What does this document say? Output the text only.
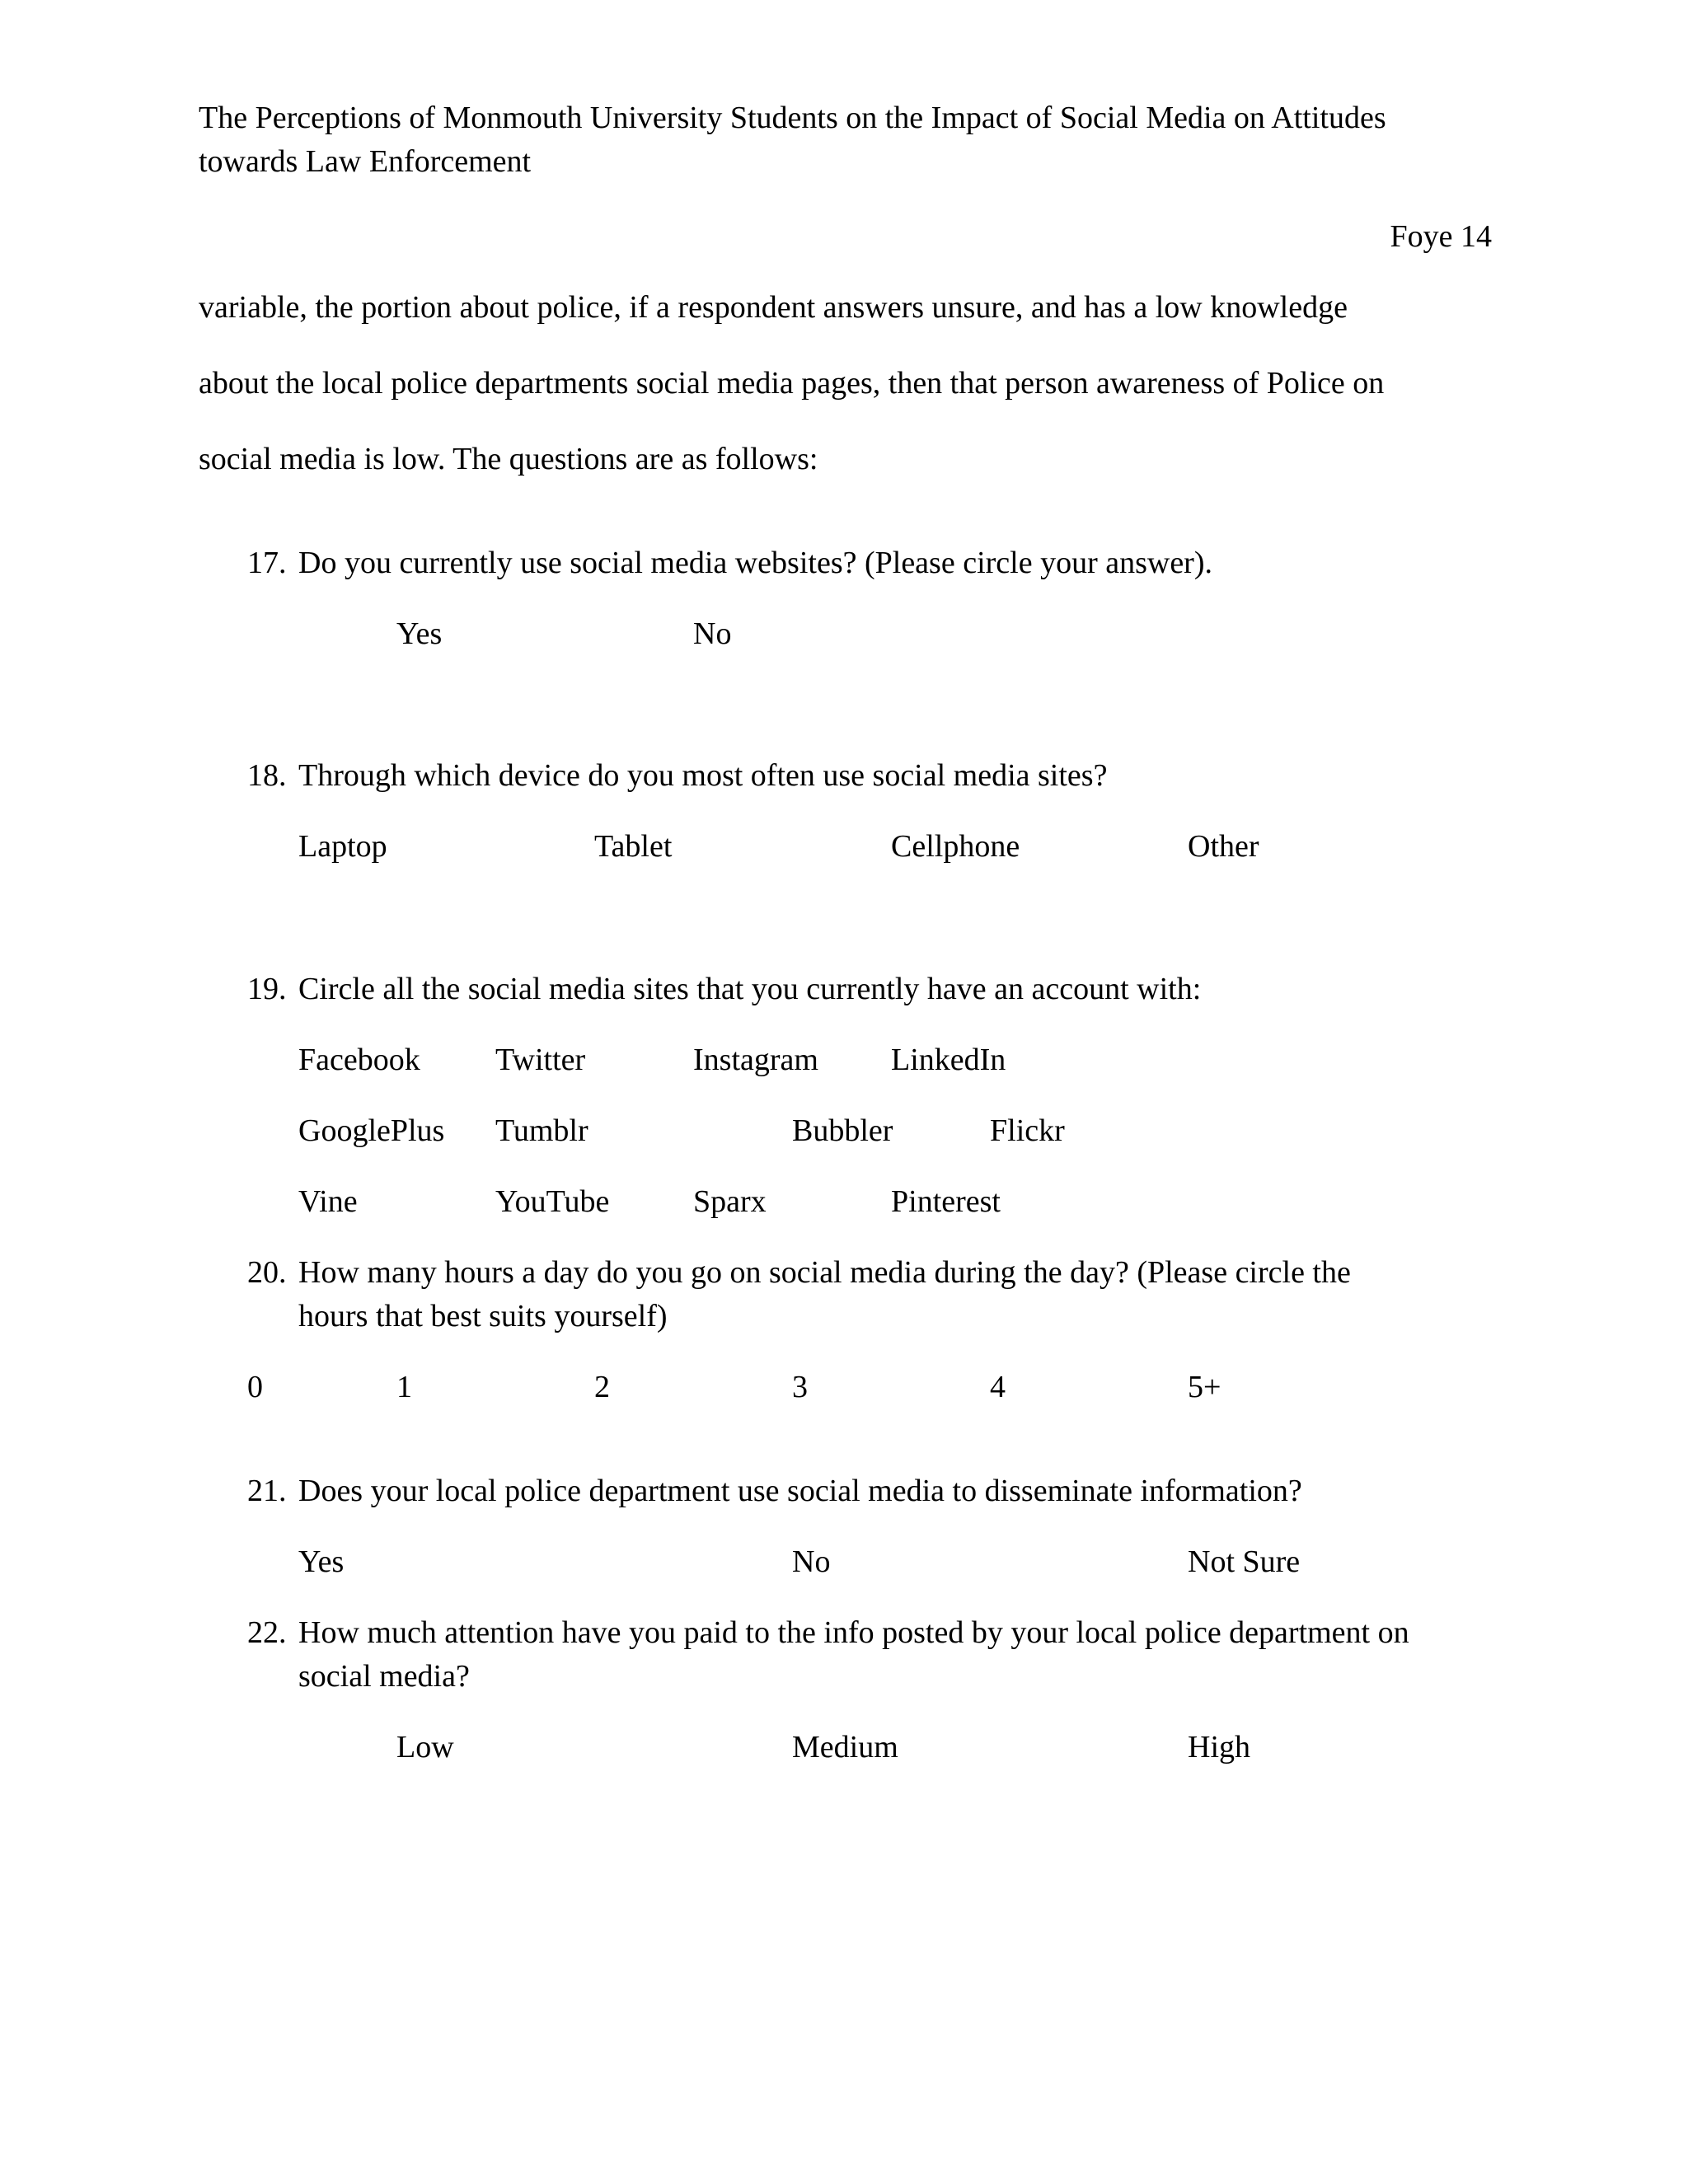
The Perceptions of Monmouth University Students on the Impact of Social Media on Attitudes

towards Law Enforcement

Foye 14

variable, the portion about police, if a respondent answers unsure, and has a low knowledge

about the local police departments social media pages, then that person awareness of Police on

social media is low. The questions are as follows:

17. Do you currently use social media websites? (Please circle your answer).

Yes	No

18. Through which device do you most often use social media sites?

Laptop	Tablet	Cellphone	Other

19. Circle all the social media sites that you currently have an account with:

Facebook Twitter	Instagram LinkedIn

GooglePlus Tumblr	Bubbler	Flickr

Vine	YouTube	Sparx	Pinterest

20. How many hours a day do you go on social media during the day? (Please circle the

hours that best suits yourself)

0	1	2	3	4	5+

21. Does your local police department use social media to disseminate information?

Yes	No	Not Sure

22. How much attention have you paid to the info posted by your local police department on

social media?

Low	Medium	High
